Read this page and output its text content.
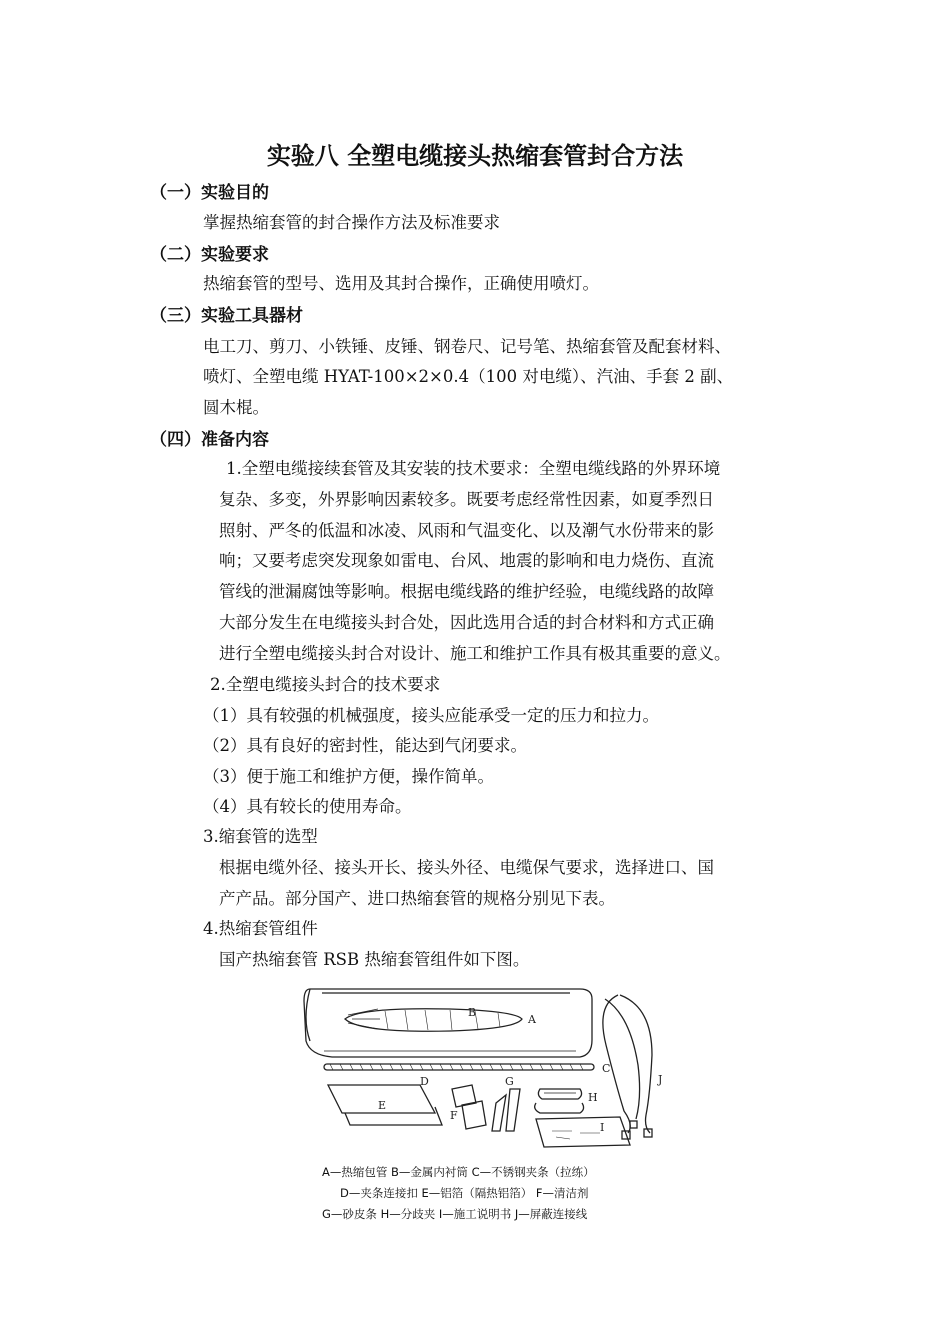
实验八 全塑电缆接头热缩套管封合方法
（一）实验目的
掌握热缩套管的封合操作方法及标准要求
（二）实验要求
热缩套管的型号、选用及其封合操作，正确使用喷灯。
（三）实验工具器材
电工刀、剪刀、小铁锤、皮锤、钢卷尺、记号笔、热缩套管及配套材料、
喷灯、全塑电缆 HYAT-100×2×0.4（100 对电缆）、汽油、手套 2 副、
圆木棍。
（四）准备内容
1.全塑电缆接续套管及其安装的技术要求：全塑电缆线路的外界环境
复杂、多变，外界影响因素较多。既要考虑经常性因素，如夏季烈日
照射、严冬的低温和冰凌、风雨和气温变化、以及潮气水份带来的影
响；又要考虑突发现象如雷电、台风、地震的影响和电力烧伤、直流
管线的泄漏腐蚀等影响。根据电缆线路的维护经验，电缆线路的故障
大部分发生在电缆接头封合处，因此选用合适的封合材料和方式正确
进行全塑电缆接头封合对设计、施工和维护工作具有极其重要的意义。
2.全塑电缆接头封合的技术要求
（1）具有较强的机械强度，接头应能承受一定的压力和拉力。
（2）具有良好的密封性，能达到气闭要求。
（3）便于施工和维护方便，操作简单。
（4）具有较长的使用寿命。
3.缩套管的选型
根据电缆外径、接头开长、接头外径、电缆保气要求，选择进口、国
产产品。部分国产、进口热缩套管的规格分别见下表。
4.热缩套管组件
国产热缩套管 RSB 热缩套管组件如下图。
B
A
C
D
E
F
G
H
I
J
A—热缩包管 B—金属内衬筒 C—不锈钢夹条（拉练）
D—夹条连接扣 E—铝箔（隔热铝箔） F—清洁剂
G—砂皮条 H—分歧夹 I—施工说明书 J—屏蔽连接线
